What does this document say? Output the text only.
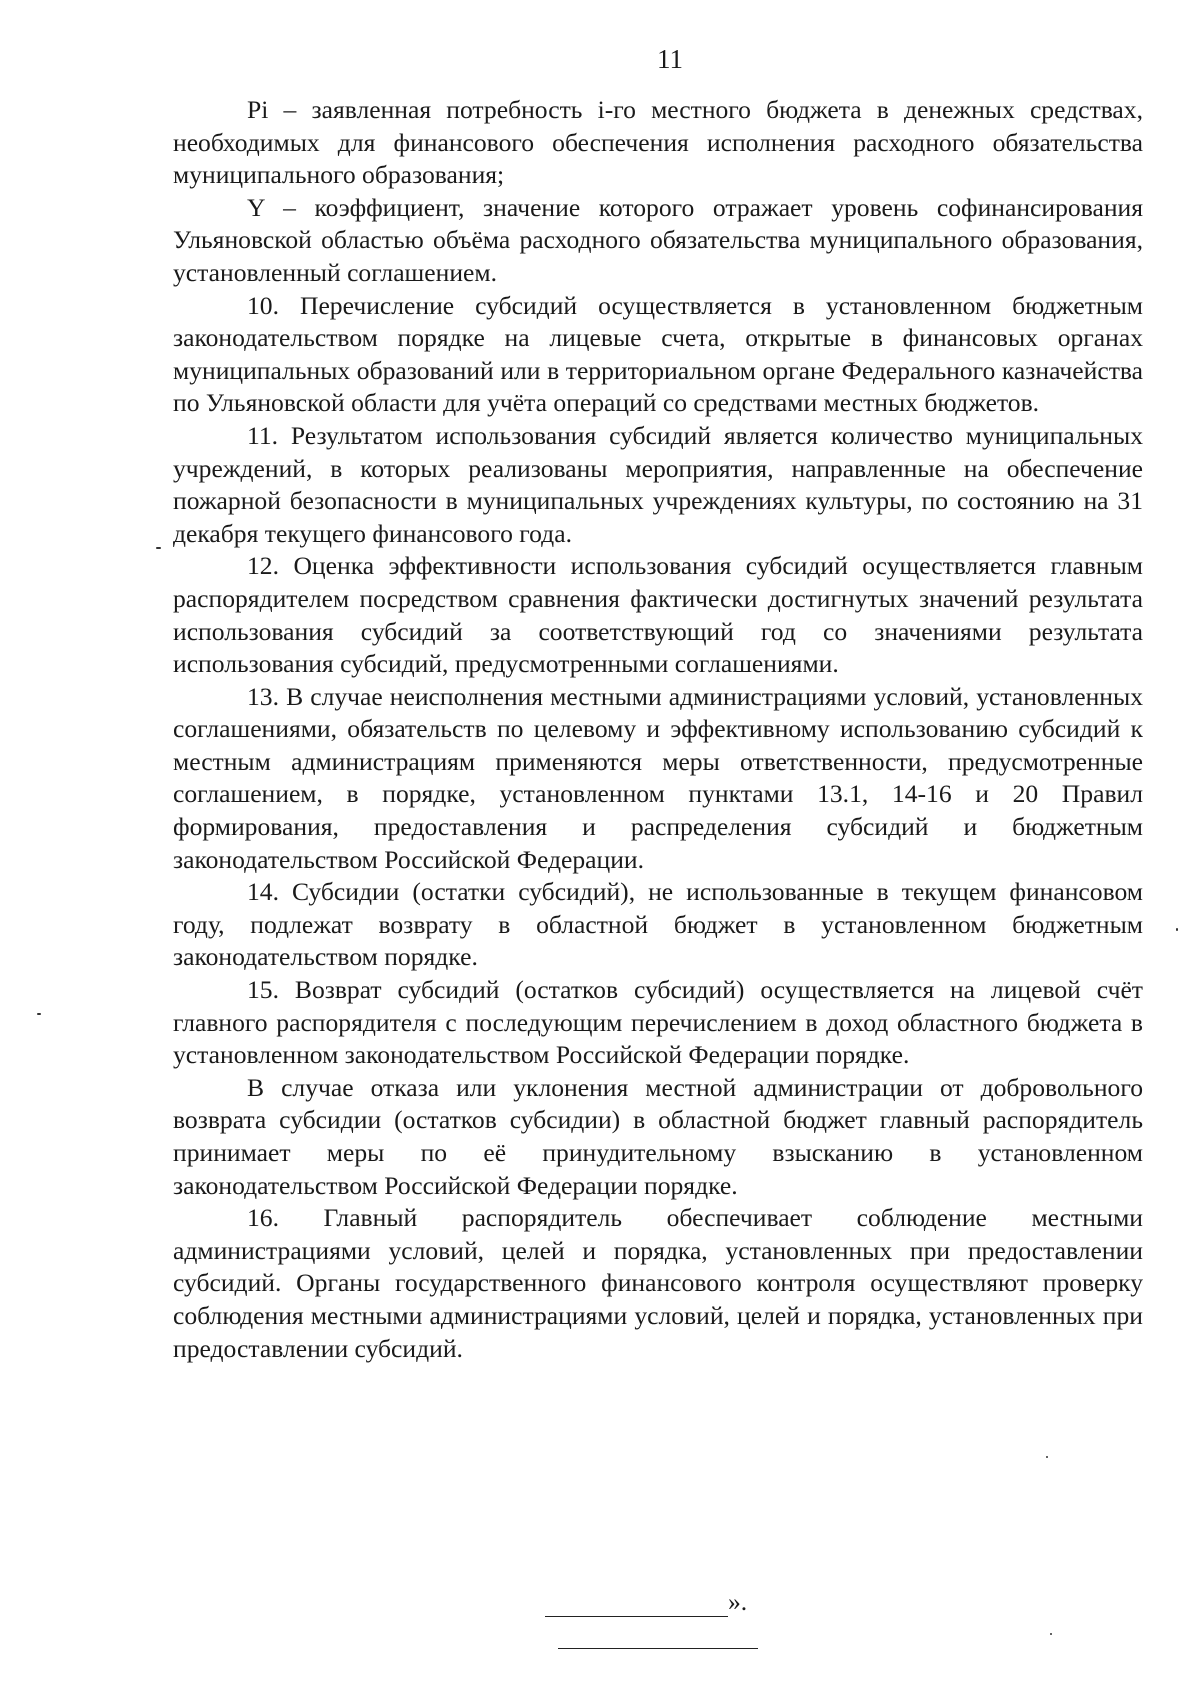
11

Pi – заявленная потребность i-го местного бюджета в денежных средствах, необходимых для финансового обеспечения исполнения расходного обязательства муниципального образования;

Y – коэффициент, значение которого отражает уровень софинансирования Ульяновской областью объёма расходного обязательства муниципального образования, установленный соглашением.

10. Перечисление субсидий осуществляется в установленном бюджетным законодательством порядке на лицевые счета, открытые в финансовых органах муниципальных образований или в территориальном органе Федерального казначейства по Ульяновской области для учёта операций со средствами местных бюджетов.

11. Результатом использования субсидий является количество муниципальных учреждений, в которых реализованы мероприятия, направленные на обеспечение пожарной безопасности в муниципальных учреждениях культуры, по состоянию на 31 декабря текущего финансового года.

12. Оценка эффективности использования субсидий осуществляется главным распорядителем посредством сравнения фактически достигнутых значений результата использования субсидий за соответствующий год со значениями результата использования субсидий, предусмотренными соглашениями.

13. В случае неисполнения местными администрациями условий, установленных соглашениями, обязательств по целевому и эффективному использованию субсидий к местным администрациям применяются меры ответственности, предусмотренные соглашением, в порядке, установленном пунктами 13.1, 14-16 и 20 Правил формирования, предоставления и распределения субсидий и бюджетным законодательством Российской Федерации.

14. Субсидии (остатки субсидий), не использованные в текущем финансовом году, подлежат возврату в областной бюджет в установленном бюджетным законодательством порядке.

15. Возврат субсидий (остатков субсидий) осуществляется на лицевой счёт главного распорядителя с последующим перечислением в доход областного бюджета в установленном законодательством Российской Федерации порядке.

В случае отказа или уклонения местной администрации от добровольного возврата субсидии (остатков субсидии) в областной бюджет главный распорядитель принимает меры по её принудительному взысканию в установленном законодательством Российской Федерации порядке.

16. Главный распорядитель обеспечивает соблюдение местными администрациями условий, целей и порядка, установленных при предоставлении субсидий. Органы государственного финансового контроля осуществляют проверку соблюдения местными администрациями условий, целей и порядка, установленных при предоставлении субсидий.

».
